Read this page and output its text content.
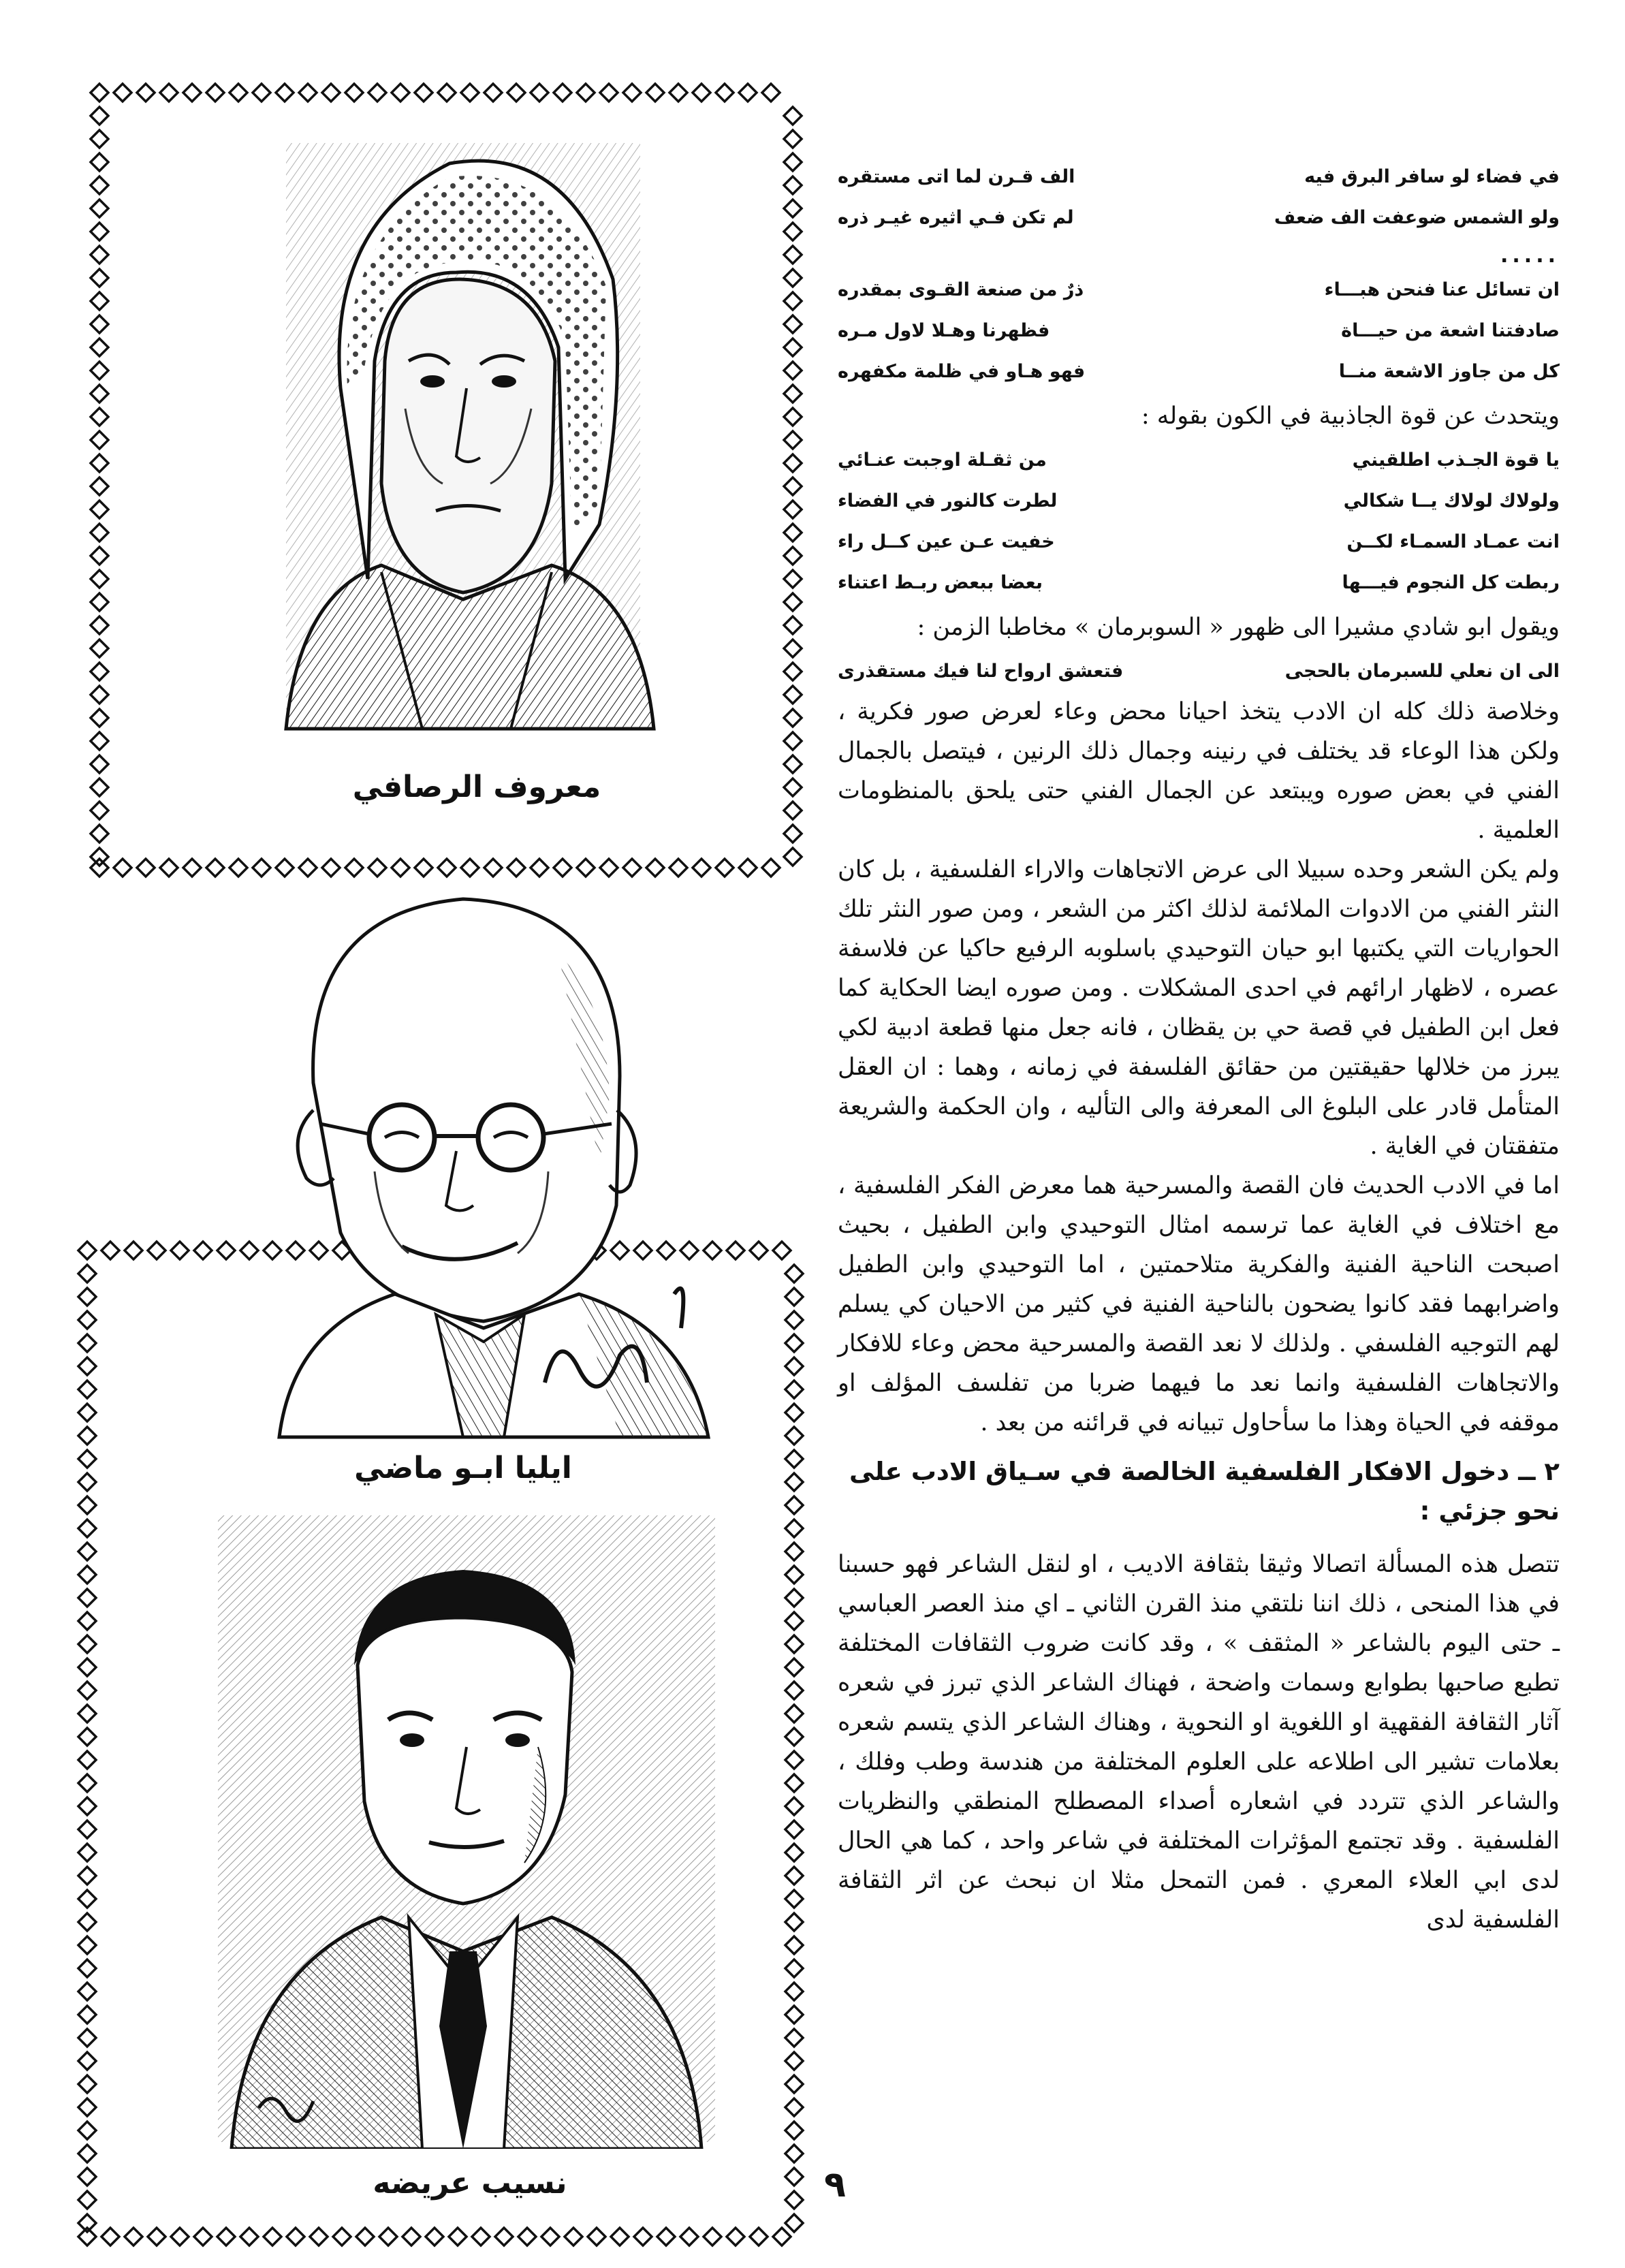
معروف الرصافي
ايليا ابـو ماضي
نسيب عريضه
في فضاء لو سافر البرق فيه
الف قـرن لما اتى مستقره
ولو الشمس ضوعفت الف ضعف
لم تكن فـي اثيره غيـر ذره
.....
ان تسائل عنا فنحن هبـــاء
ذرٌ من صنعة القـوى بمقدره
صادفتنا اشعة من حيـــاة
فظهرنا وهـلا لاول مـره
كل من جاوز الاشعة منــا
فهو هـاو في ظلمة مكفهره

ويتحدث عن قوة الجاذبية في الكون بقوله :

يا قوة الجـذب اطلقيني
من ثقـلة اوجبت عنـائي
ولولاك لولاك يــا شكالي
لطرت كالنور في الفضاء
انت عمـاد السمـاء لكــن
خفيت عـن عين كــل راء
ربطت كل النجوم فيـــها
بعضا ببعض ربـط اعتناء

ويقول ابو شادي مشيرا الى ظهور « السوبرمان » مخاطبا الزمن :

الى ان نعلي للسبرمان بالحجى
فتعشق ارواح لنا فيك مستقذرى

وخلاصة ذلك كله ان الادب يتخذ احيانا محض وعاء لعرض صور فكرية ، ولكن هذا الوعاء قد يختلف في رنينه وجمال ذلك الرنين ، فيتصل بالجمال الفني في بعض صوره ويبتعد عن الجمال الفني حتى يلحق بالمنظومات العلمية .

ولم يكن الشعر وحده سبيلا الى عرض الاتجاهات والاراء الفلسفية ، بل كان النثر الفني من الادوات الملائمة لذلك اكثر من الشعر ، ومن صور النثر تلك الحواريات التي يكتبها ابو حيان التوحيدي باسلوبه الرفيع حاكيا عن فلاسفة عصره ، لاظهار ارائهم في احدى المشكلات . ومن صوره ايضا الحكاية كما فعل ابن الطفيل في قصة حي بن يقظان ، فانه جعل منها قطعة ادبية لكي يبرز من خلالها حقيقتين من حقائق الفلسفة في زمانه ، وهما : ان العقل المتأمل قادر على البلوغ الى المعرفة والى التأليه ، وان الحكمة والشريعة متفقتان في الغاية .

اما في الادب الحديث فان القصة والمسرحية هما معرض الفكر الفلسفية ، مع اختلاف في الغاية عما ترسمه امثال التوحيدي وابن الطفيل ، بحيث اصبحت الناحية الفنية والفكرية متلاحمتين ، اما التوحيدي وابن الطفيل واضرابهما فقد كانوا يضحون بالناحية الفنية في كثير من الاحيان كي يسلم لهم التوجيه الفلسفي . ولذلك لا نعد القصة والمسرحية محض وعاء للافكار والاتجاهات الفلسفية وانما نعد ما فيهما ضربا من تفلسف المؤلف او موقفه في الحياة وهذا ما سأحاول تبيانه في قرائنه من بعد .

٢ ــ دخول الافكار الفلسفية الخالصة في سـياق الادب على نحو جزئي :

تتصل هذه المسألة اتصالا وثيقا بثقافة الاديب ، او لنقل الشاعر فهو حسبنا في هذا المنحى ، ذلك اننا نلتقي منذ القرن الثاني ـ اي منذ العصر العباسي ـ حتى اليوم بالشاعر « المثقف » ، وقد كانت ضروب الثقافات المختلفة تطبع صاحبها بطوابع وسمات واضحة ، فهناك الشاعر الذي تبرز في شعره آثار الثقافة الفقهية او اللغوية او النحوية ، وهناك الشاعر الذي يتسم شعره بعلامات تشير الى اطلاعه على العلوم المختلفة من هندسة وطب وفلك ، والشاعر الذي تتردد في اشعاره أصداء المصطلح المنطقي والنظريات الفلسفية . وقد تجتمع المؤثرات المختلفة في شاعر واحد ، كما هي الحال لدى ابي العلاء المعري . فمن التمحل مثلا ان نبحث عن اثر الثقافة الفلسفية لدى

٩
